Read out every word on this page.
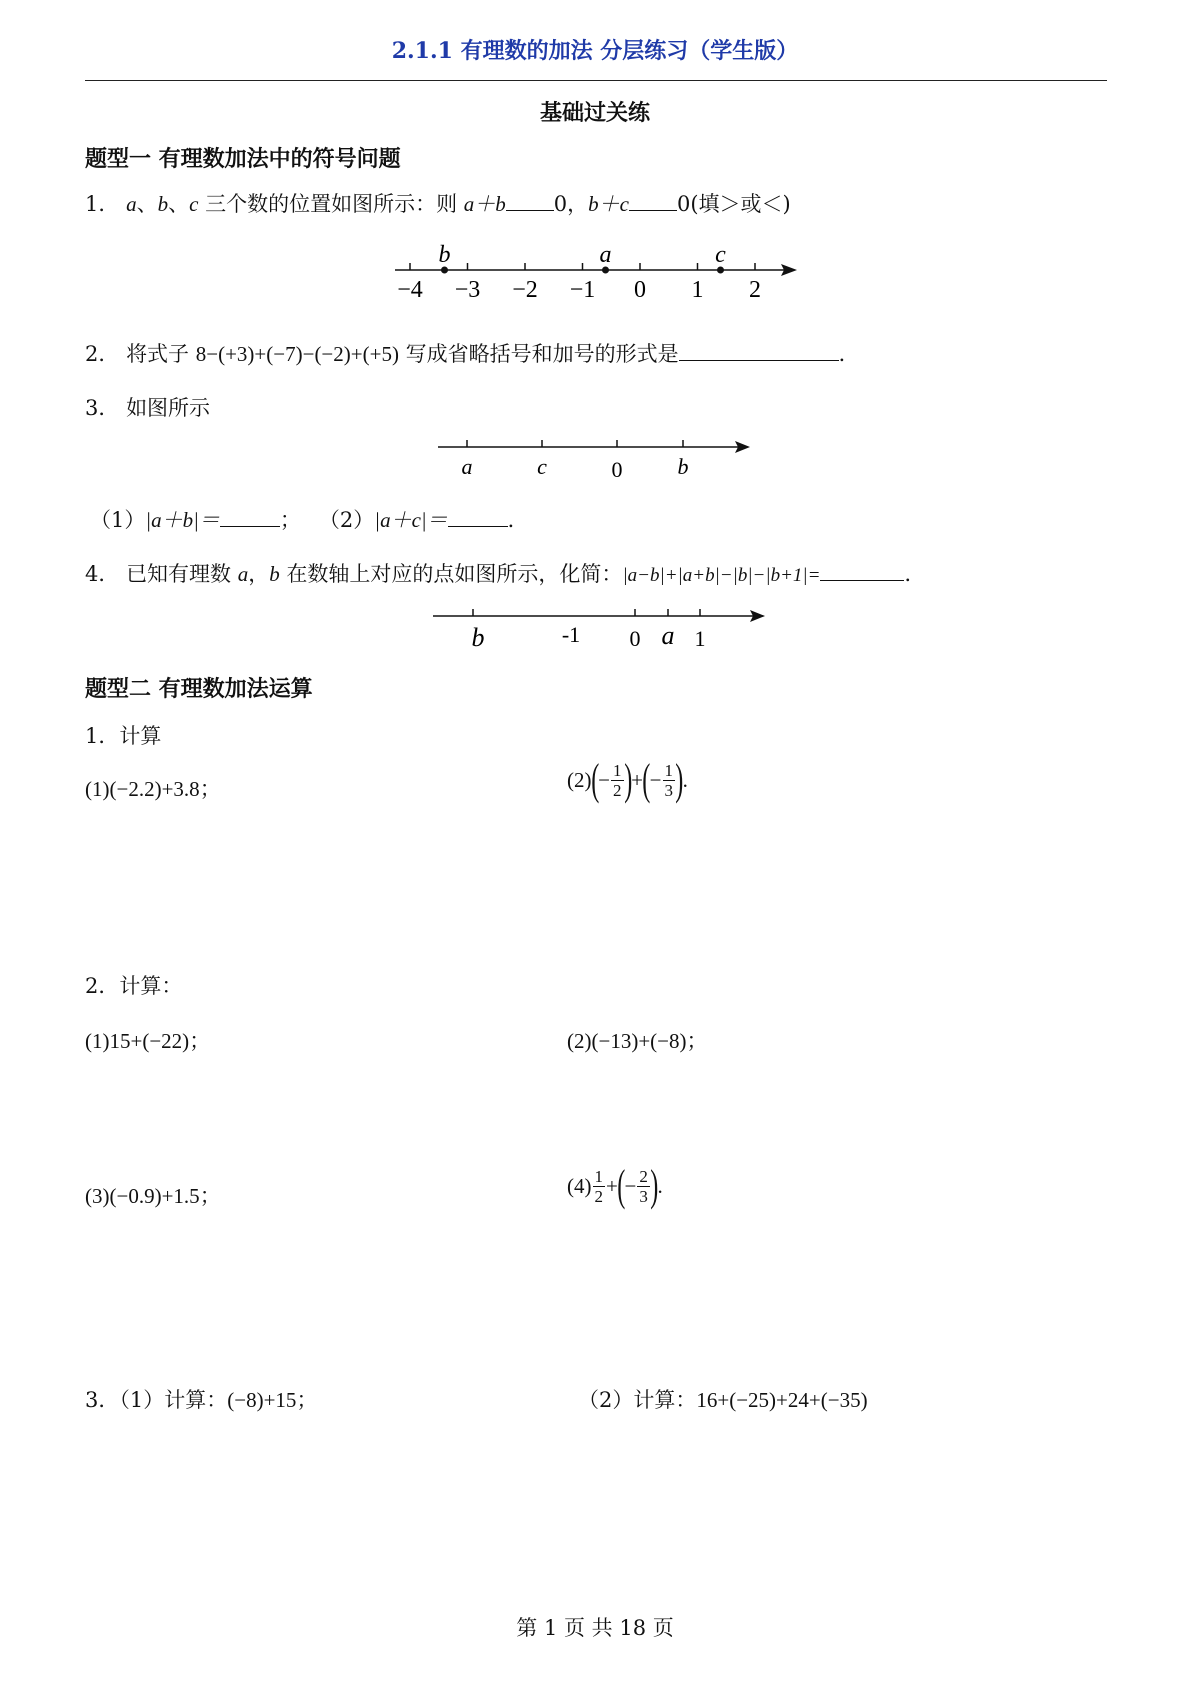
2.1.1 有理数的加法 分层练习（学生版）
基础过关练
题型一 有理数加法中的符号问题
1． a、b、c 三个数的位置如图所示：则 a＋b 0，b＋c 0(填＞或＜)
−4 −3 −2 −1 0 1 2
b	a	c
2． 将式子 8−(+3)+(−7)−(−2)+(+5) 写成省略括号和加号的形式是	．
3． 如图所示
a	c	0	b
（1）|a＋b|＝	； （2）|a＋c|＝	．
4． 已知有理数 a，b 在数轴上对应的点如图所示，化简：|a−b|+|a+b|−|b|−|b+1|=	．
b	-1 0 a 1
题型二 有理数加法运算
1．计算
(1)(−2.2)+3.8；	(2) ( − $\frac{1}{2}$ ) + ( − $\frac{1}{3}$ ) .
2．计算：
(1)15+(−22)；	(2)(−13)+(−8)；
(3)(−0.9)+1.5；	$(4) \frac{1}{2}$ + ( − $\frac{2}{3}$ ) .
3．（1）计算：(−8)+15；	（2）计算：16+(−25)+24+(−35)
第 1 页 共 18 页
